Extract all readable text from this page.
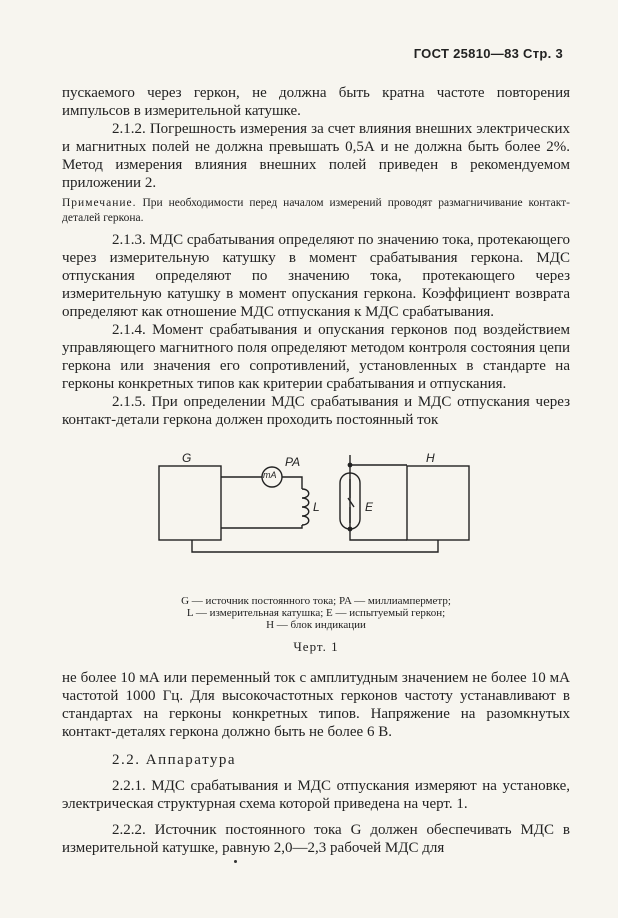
ГОСТ 25810—83 Стр. 3

пускаемого через геркон, не должна быть кратна частоте повторения импульсов в измерительной катушке.

2.1.2. Погрешность измерения за счет влияния внешних электрических и магнитных полей не должна превышать 0,5А и не должна быть более 2%. Метод измерения влияния внешних полей приведен в рекомендуемом приложении 2.

Примечание. При необходимости перед началом измерений проводят размагничивание контакт-деталей геркона.

2.1.3. МДС срабатывания определяют по значению тока, протекающего через измерительную катушку в момент срабатывания геркона. МДС отпускания определяют по значению тока, протекающего через измерительную катушку в момент опускания геркона. Коэффициент возврата определяют как отношение МДС отпускания к МДС срабатывания.

2.1.4. Момент срабатывания и опускания герконов под воздействием управляющего магнитного поля определяют методом контроля состояния цепи геркона или значения его сопротивлений, установленных в стандарте на герконы конкретных типов как критерии срабатывания и отпускания.

2.1.5. При определении МДС срабатывания и МДС отпускания через контакт-детали геркона должен проходить постоянный ток

G	PA
mA
L	E
H
G — источник постоянного тока; PA — миллиамперметр;
L — измерительная катушка; E — испытуемый геркон;
H — блок индикации
Черт. 1

не более 10 мА или переменный ток с амплитудным значением не более 10 мА частотой 1000 Гц. Для высокочастотных герконов частоту устанавливают в стандартах на герконы конкретных типов. Напряжение на разомкнутых контакт-деталях геркона должно быть не более 6 В.

2.2. Аппаратура

2.2.1. МДС срабатывания и МДС отпускания измеряют на установке, электрическая структурная схема которой приведена на черт. 1.

2.2.2. Источник постоянного тока G должен обеспечивать МДС в измерительной катушке, равную 2,0—2,3 рабочей МДС для
